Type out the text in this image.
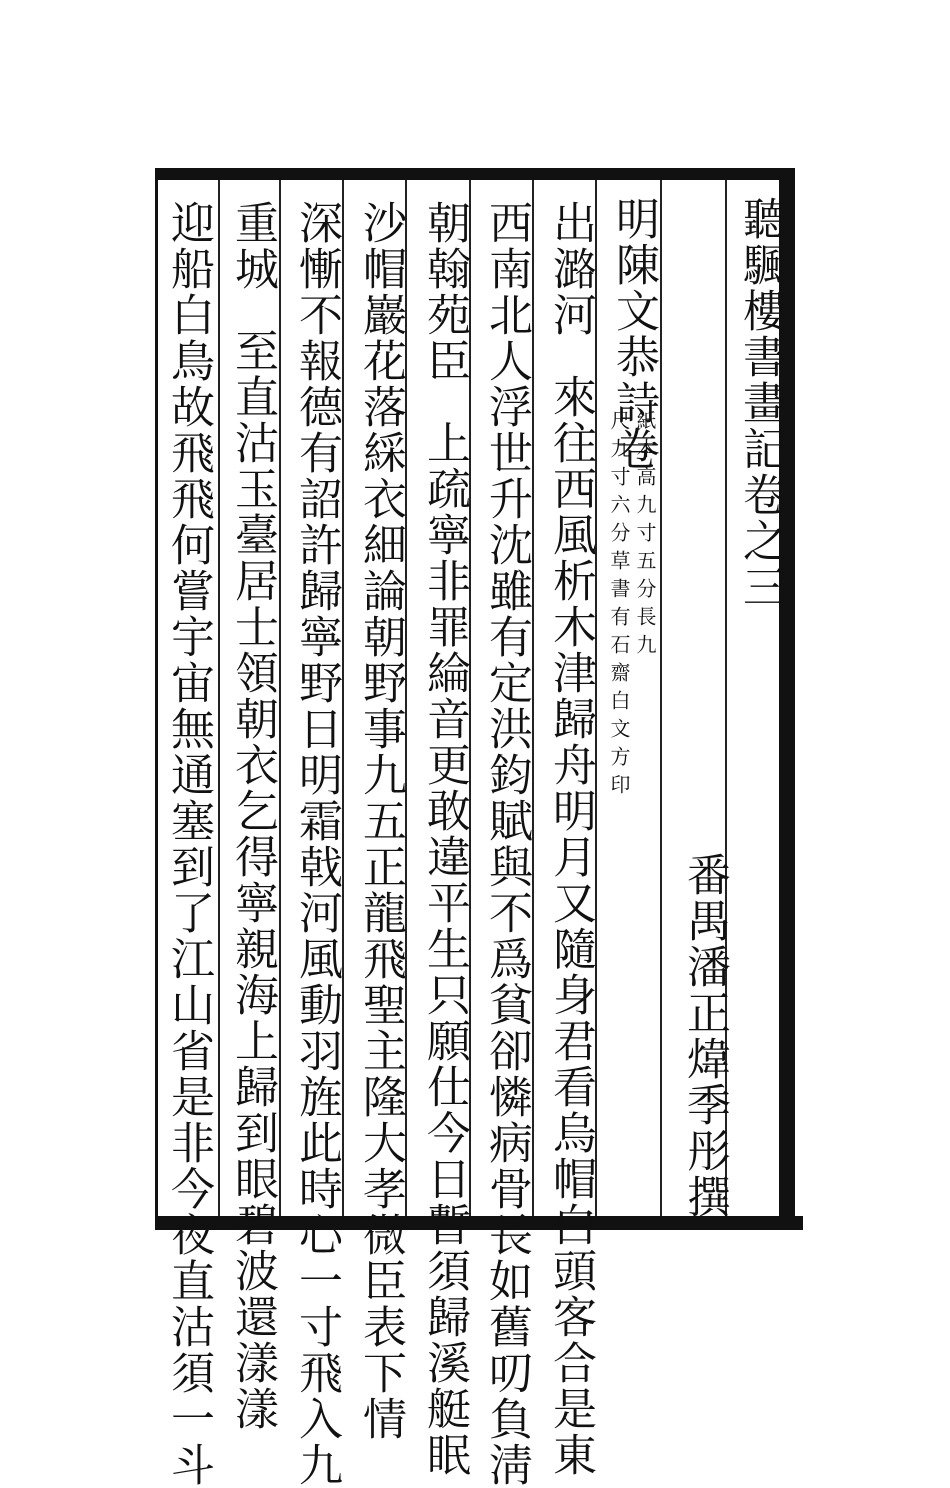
聽颿樓書畫記卷之三
番禺潘正煒季彤撰
明陳文恭詩卷
紙本高九寸五分長九
尺九寸六分草書有石齋白文方印
出潞河來往西風析木津歸舟明月又隨身君看烏帽白頭客合是東
西南北人浮世升沈雖有定洪鈞賦與不爲貧卻憐病骨長如舊叨負淸
朝翰苑臣上疏寧非罪綸音更敢違平生只願仕今日暫須歸溪艇眠
沙帽巖花落綵衣細論朝野事九五正龍飛聖主隆大孝微臣表下情
深慚不報德有詔許歸寧野日明霜戟河風動羽旌此時心一寸飛入九
重城至直沽玉臺居士領朝衣乞得寧親海上歸到眼碧波還漾漾
迎船白鳥故飛飛何嘗宇宙無通塞到了江山省是非今夜直沽須一斗
